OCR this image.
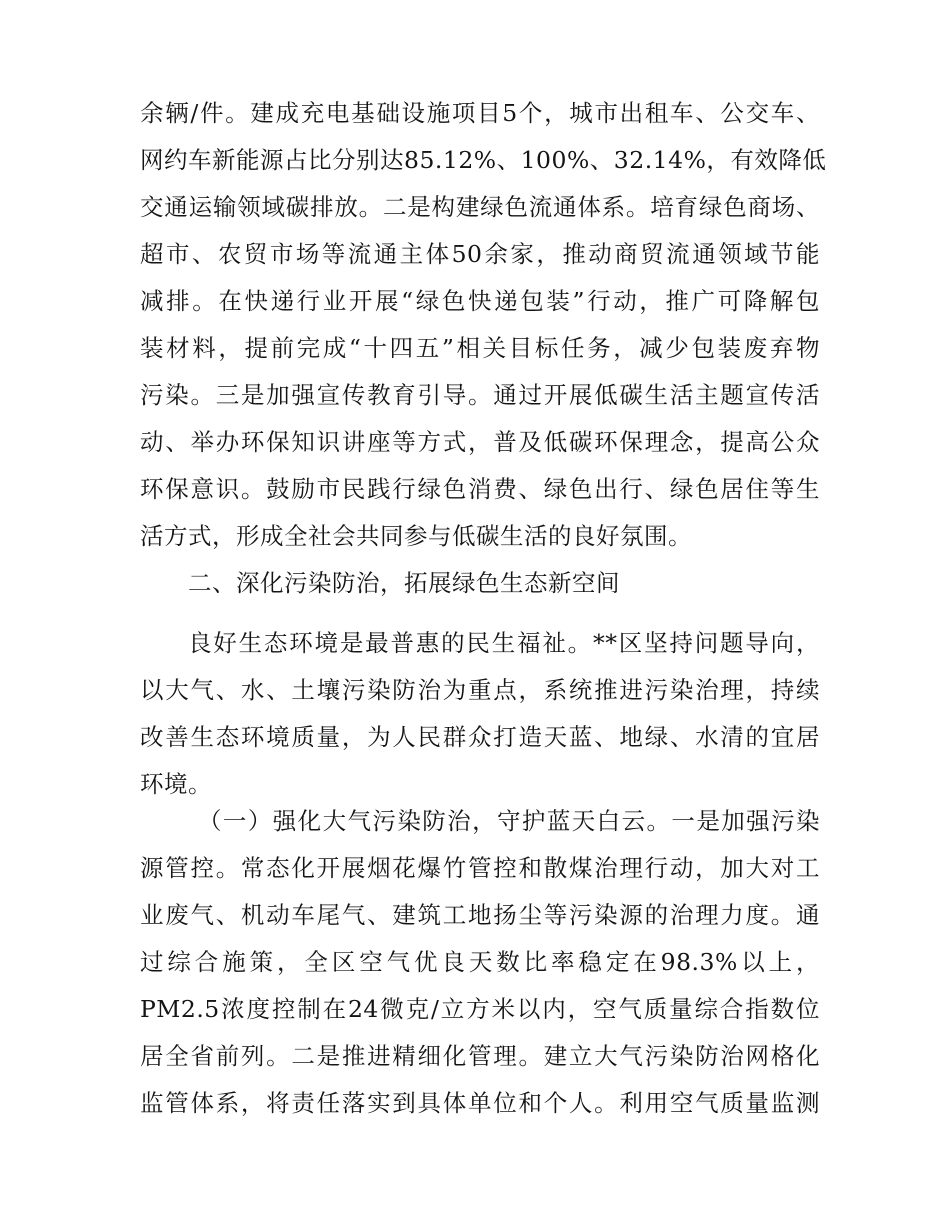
余辆/件。建成充电基础设施项目5个，城市出租车、公交车、
网约车新能源占比分别达85.12%、100%、32.14%，有效降低
交通运输领域碳排放。二是构建绿色流通体系。培育绿色商场、
超市、农贸市场等流通主体50余家，推动商贸流通领域节能
减排。在快递行业开展“绿色快递包装”行动，推广可降解包
装材料，提前完成“十四五”相关目标任务，减少包装废弃物
污染。三是加强宣传教育引导。通过开展低碳生活主题宣传活
动、举办环保知识讲座等方式，普及低碳环保理念，提高公众
环保意识。鼓励市民践行绿色消费、绿色出行、绿色居住等生
活方式，形成全社会共同参与低碳生活的良好氛围。
二、深化污染防治，拓展绿色生态新空间
良好生态环境是最普惠的民生福祉。**区坚持问题导向，
以大气、水、土壤污染防治为重点，系统推进污染治理，持续
改善生态环境质量，为人民群众打造天蓝、地绿、水清的宜居
环境。
（一）强化大气污染防治，守护蓝天白云。一是加强污染
源管控。常态化开展烟花爆竹管控和散煤治理行动，加大对工
业废气、机动车尾气、建筑工地扬尘等污染源的治理力度。通
过综合施策，全区空气优良天数比率稳定在98.3%以上，
PM2.5浓度控制在24微克/立方米以内，空气质量综合指数位
居全省前列。二是推进精细化管理。建立大气污染防治网格化
监管体系，将责任落实到具体单位和个人。利用空气质量监测
